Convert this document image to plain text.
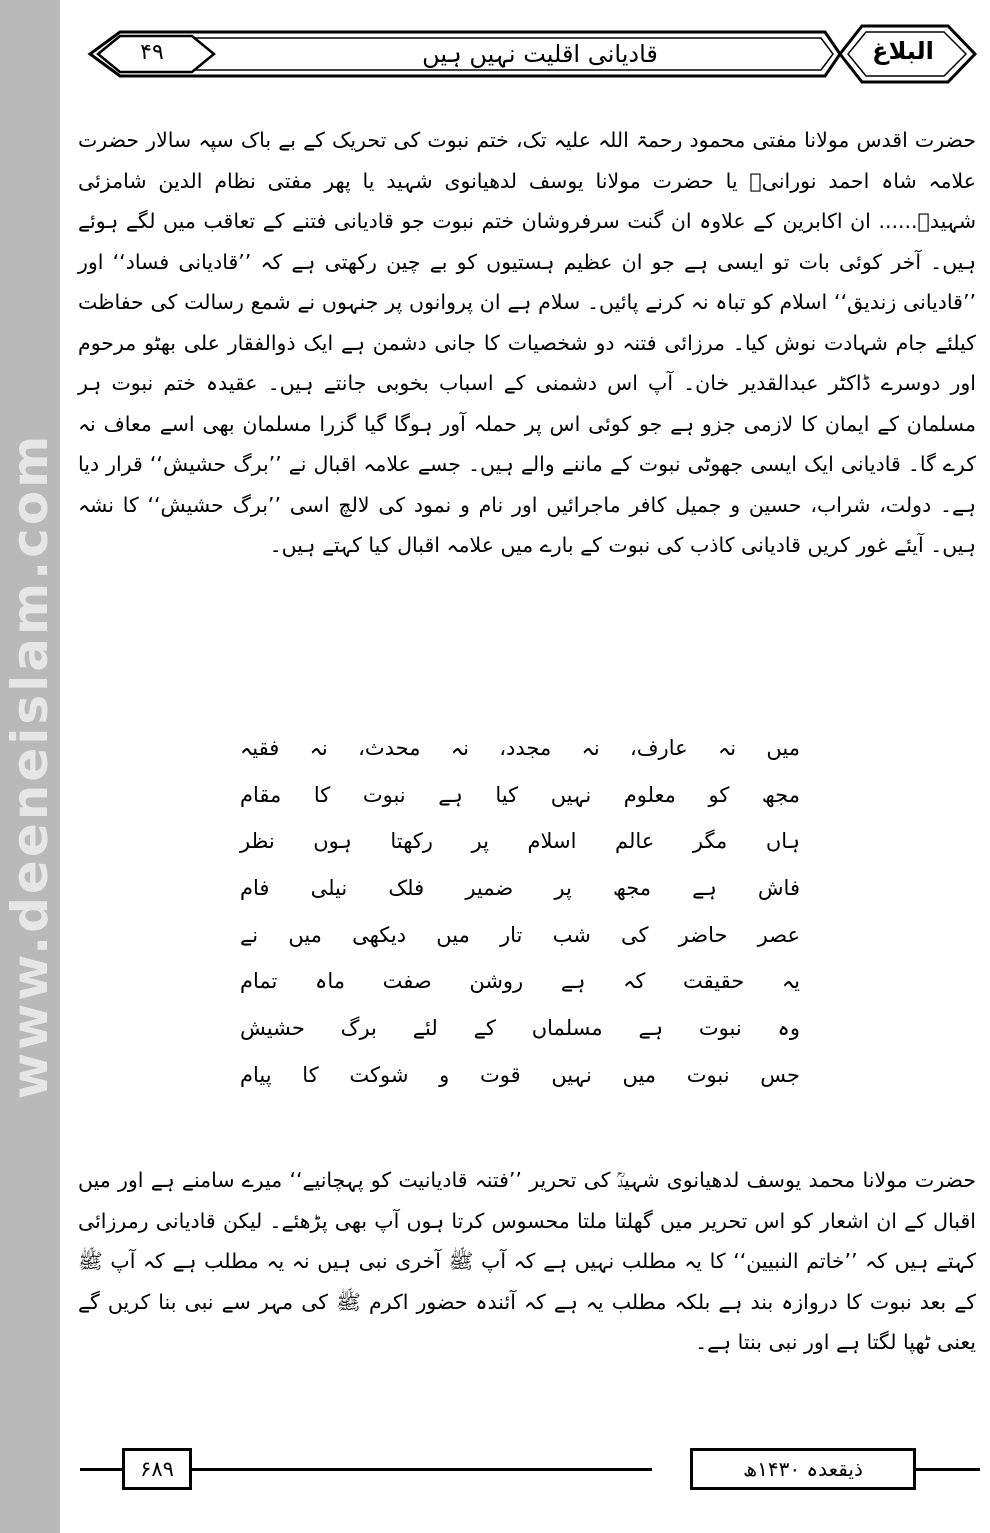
www.deeneislam.com
البلاغ
قادیانی اقلیت نہیں ہیں
۴۹
حضرت اقدس مولانا مفتی محمود رحمۃ اللہ علیہ تک، ختم نبوت کی تحریک کے بے باک سپہ سالار حضرت علامہ شاہ احمد نورانیؒ یا حضرت مولانا یوسف لدھیانوی شہید یا پھر مفتی نظام الدین شامزئی شہیدؒ...... ان اکابرین کے علاوہ ان گنت سرفروشان ختم نبوت جو قادیانی فتنے کے تعاقب میں لگے ہوئے ہیں۔ آخر کوئی بات تو ایسی ہے جو ان عظیم ہستیوں کو بے چین رکھتی ہے کہ ’’قادیانی فساد‘‘ اور ’’قادیانی زندیق‘‘ اسلام کو تباہ نہ کرنے پائیں۔ سلام ہے ان پروانوں پر جنہوں نے شمع رسالت کی حفاظت کیلئے جام شہادت نوش کیا۔ مرزائی فتنہ دو شخصیات کا جانی دشمن ہے ایک ذوالفقار علی بھٹو مرحوم اور دوسرے ڈاکٹر عبدالقدیر خان۔ آپ اس دشمنی کے اسباب بخوبی جانتے ہیں۔ عقیدہ ختم نبوت ہر مسلمان کے ایمان کا لازمی جزو ہے جو کوئی اس پر حملہ آور ہوگا گیا گزرا مسلمان بھی اسے معاف نہ کرے گا۔ قادیانی ایک ایسی جھوٹی نبوت کے ماننے والے ہیں۔ جسے علامہ اقبال نے ’’برگ حشیش‘‘ قرار دیا ہے۔ دولت، شراب، حسین و جمیل کافر ماجرائیں اور نام و نمود کی لالچ اسی ’’برگ حشیش‘‘ کا نشہ ہیں۔ آیئے غور کریں قادیانی کاذب کی نبوت کے بارے میں علامہ اقبال کیا کہتے ہیں۔
میں نہ عارف، نہ مجدد، نہ محدث، نہ فقیہ
مجھ کو معلوم نہیں کیا ہے نبوت کا مقام
ہاں مگر عالم اسلام پر رکھتا ہوں نظر
فاش ہے مجھ پر ضمیر فلک نیلی فام
عصر حاضر کی شب تار میں دیکھی میں نے
یہ حقیقت کہ ہے روشن صفت ماہ تمام
وہ نبوت ہے مسلماں کے لئے برگ حشیش
جس نبوت میں نہیں قوت و شوکت کا پیام
حضرت مولانا محمد یوسف لدھیانوی شہیدؒ کی تحریر ’’فتنہ قادیانیت کو پہچانیے‘‘ میرے سامنے ہے اور میں اقبال کے ان اشعار کو اس تحریر میں گھلتا ملتا محسوس کرتا ہوں آپ بھی پڑھئے۔ لیکن قادیانی رمرزائی کہتے ہیں کہ ’’خاتم النبیین‘‘ کا یہ مطلب نہیں ہے کہ آپ ﷺ آخری نبی ہیں نہ یہ مطلب ہے کہ آپ ﷺ کے بعد نبوت کا دروازہ بند ہے بلکہ مطلب یہ ہے کہ آئندہ حضور اکرم ﷺ کی مہر سے نبی بنا کریں گے یعنی ٹھپا لگتا ہے اور نبی بنتا ہے۔
۶۸۹	ذیقعدہ ۱۴۳۰ھ
